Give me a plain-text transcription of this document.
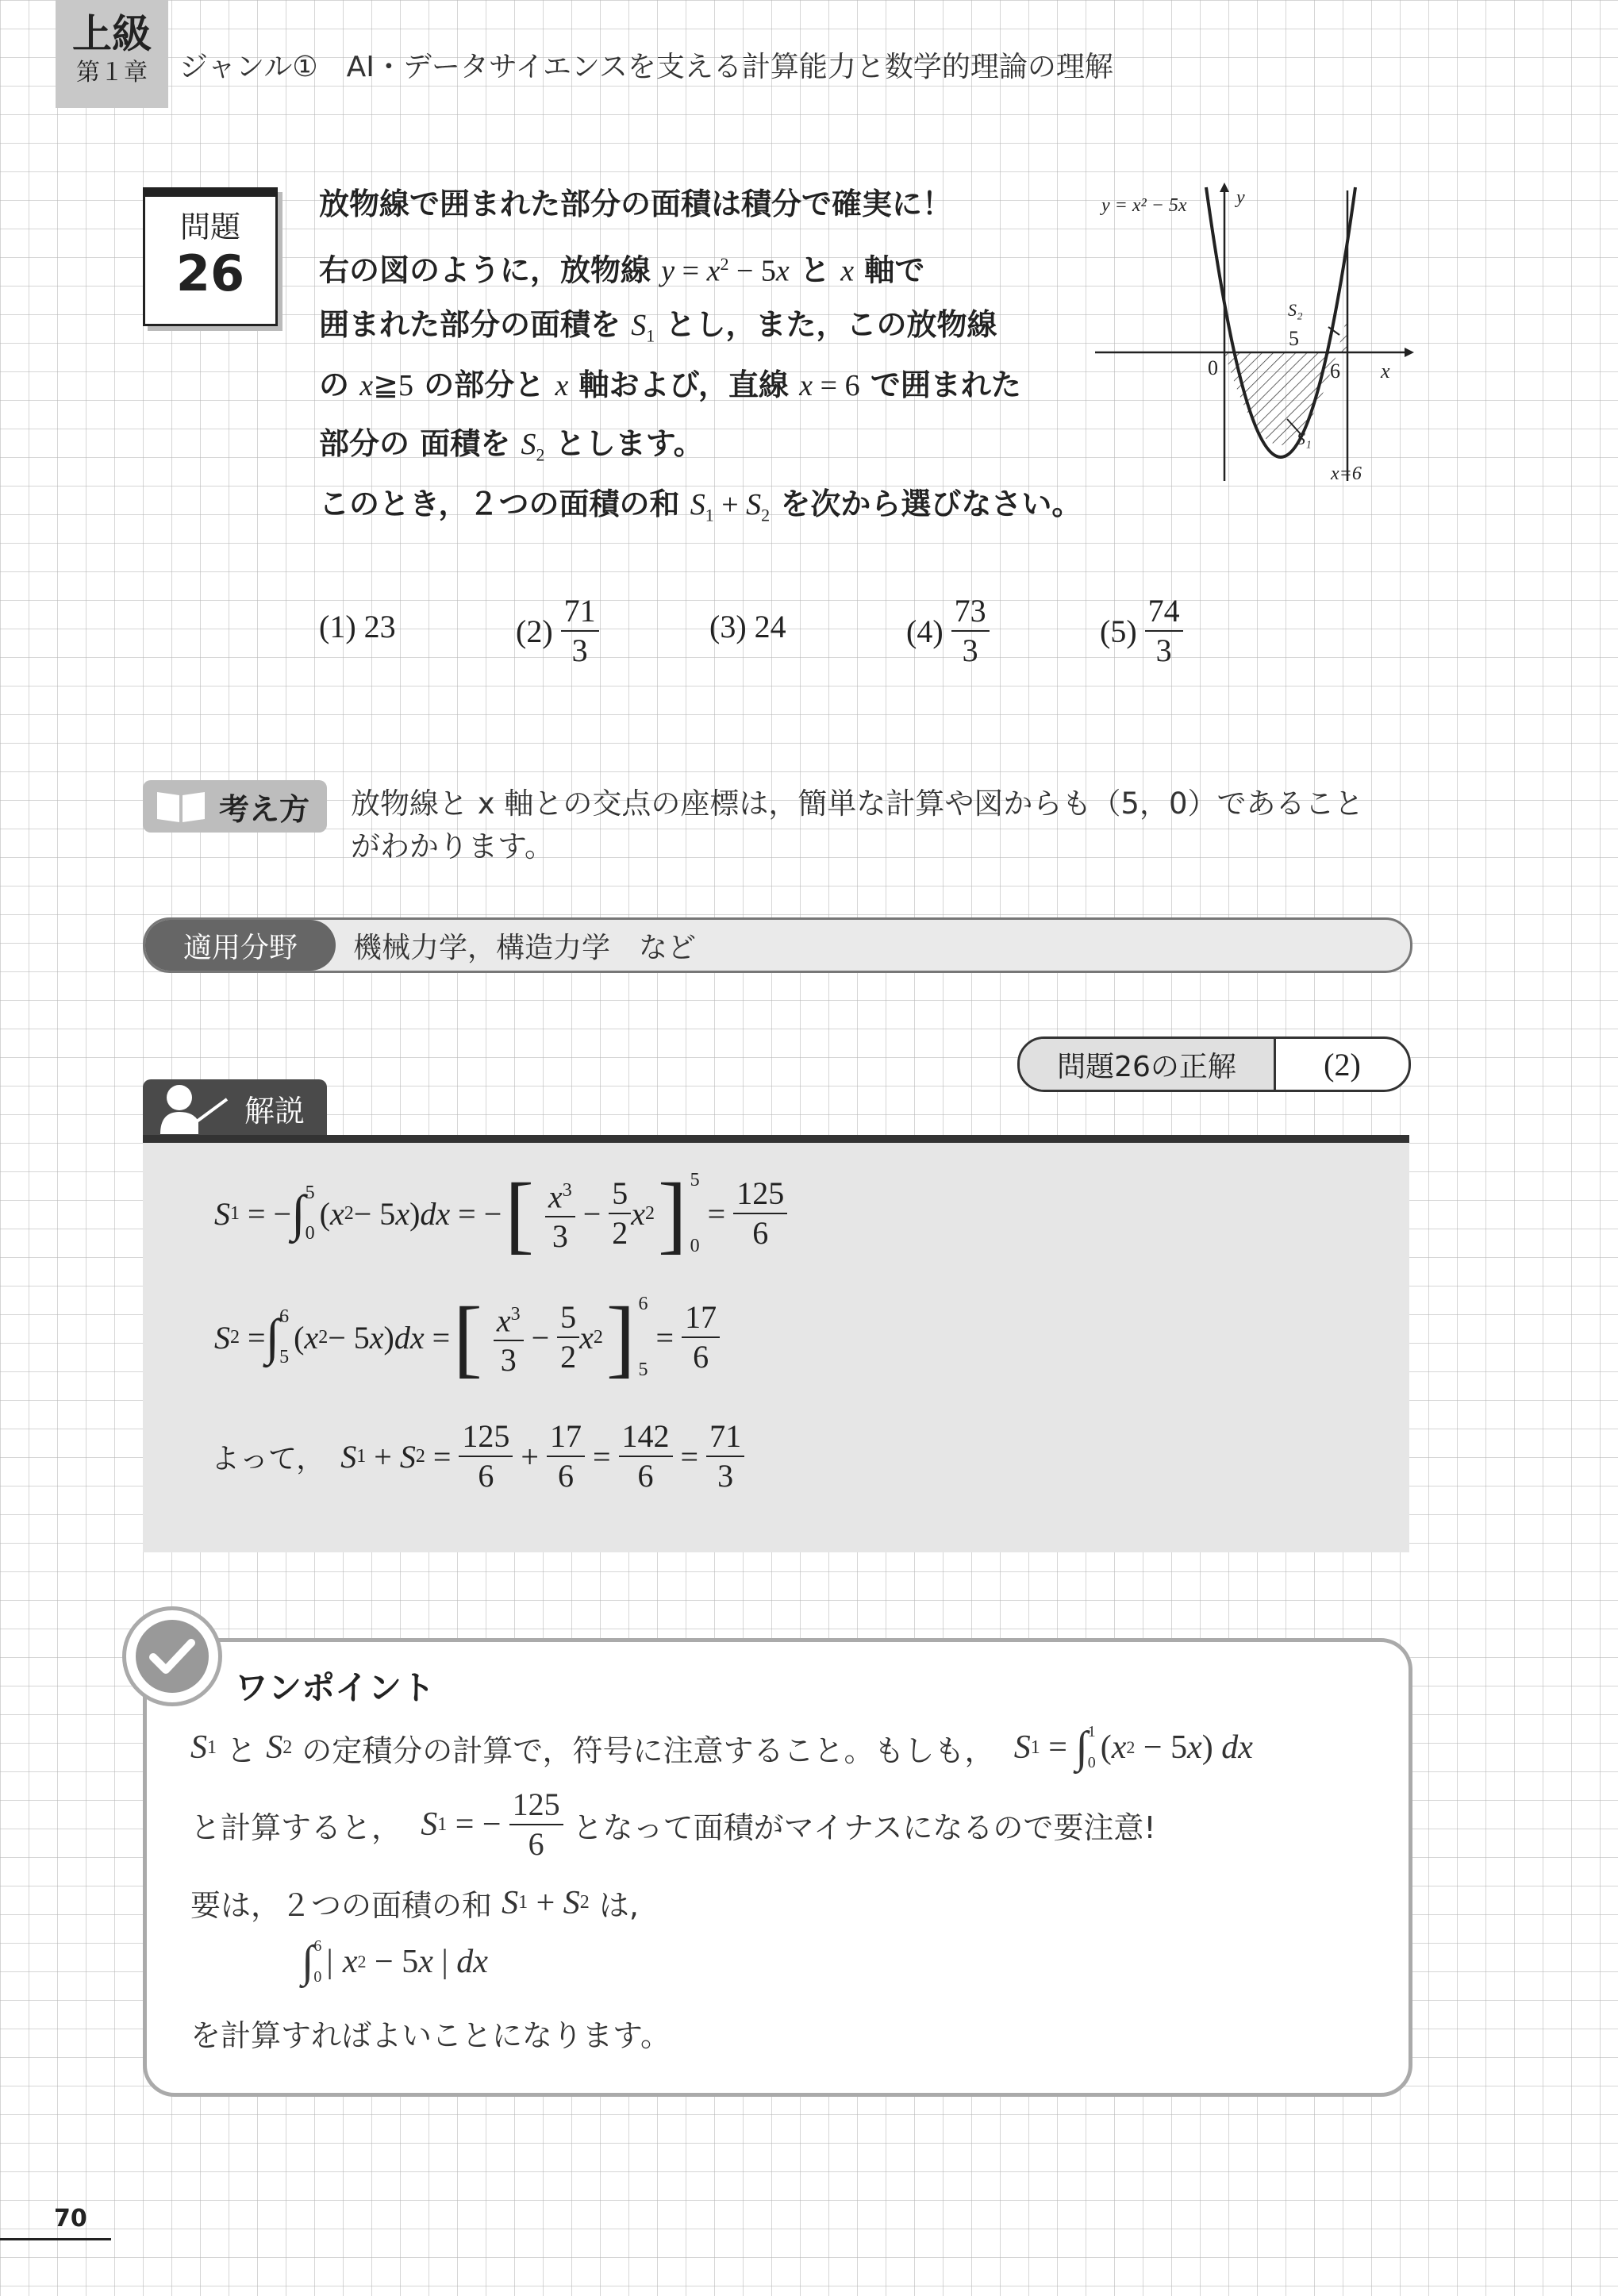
上級
第１章	ジャンル①　AI・データサイエンスを支える計算能力と数学的理論の理解
問題
26
放物線で囲まれた部分の面積は積分で確実に！
右の図のように，放物線 $y = x^2 - 5x$ と x 軸で
囲まれた部分の面積を $S_1$ とし，また，この放物線
の x≧5 の部分と x 軸および，直線 x = 6 で囲まれた
部分の 面積を $S_2$ とします。
このとき，２つの面積の和 $S_1 + S_2$ を次から選びなさい。
y = x² − 5x	y
x
0
5
6
S₂
S₁
x=6
(1)
23	$(2) \frac{71}{3}$	(3)
24	$(4) \frac{73}{3}$	$(5) \frac{74}{3}$
考え方 放物線と x 軸との交点の座標は，簡単な計算や図からも（5，0）であること
がわかります。
適用分野	機械力学，構造力学　など
問題26の正解	(2)
解説
S 1 = − ∫ 5
0
( x 2 − 5 x ) dx = − [ $\frac{x^3}{3} - \frac{5}{2}$ x 2 ] 5
0
= $\frac{125}{6}$
S 2 = ∫ 6
5
( x 2 − 5 x ) dx = [ $\frac{x^3}{3} - \frac{5}{2}$ x 2 ] 6
5
= $\frac{17}{6}$
よって，
S 1 + S $2 = \frac{125}{6} + \frac{17}{6} = \frac{142}{6} = \frac{71}{3}$
ワンポイント
S 1
と
S 2
の定積分の計算で，符号に注意すること。もしも，
S 1 = ∫ 1
0 ( x 2 − 5 x ) dx
と計算すると，
S 1 = − $\frac{125}{6}$
となって面積がマイナスになるので要注意!
要は，２つの面積の和
S 1 + S 2
は,
∫ 6
0 |
x 2 − 5 x | dx
を計算すればよいことになります。
70
